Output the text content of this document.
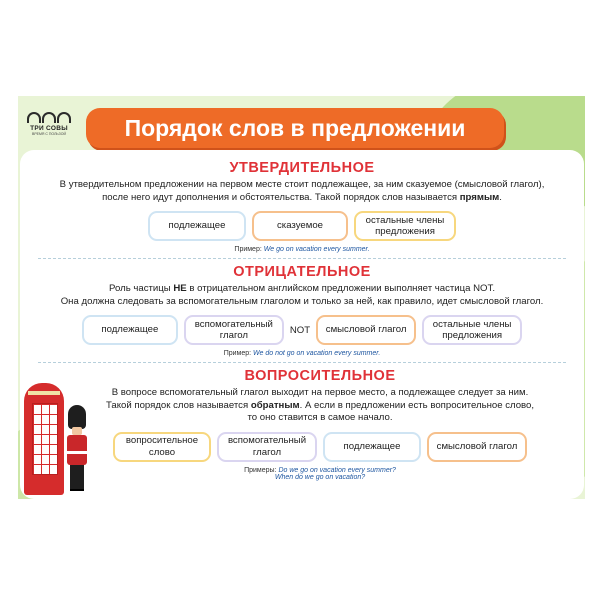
ТРИ СОВЫ
ВРЕМЯ С ПОЛЬЗОЙ	Порядок слов в предложении
УТВЕРДИТЕЛЬНОЕ
В утвердительном предложении на первом месте стоит подлежащее, за ним сказуемое (смысловой глагол),
после него идут дополнения и обстоятельства. Такой порядок слов называется прямым.
подлежащее	сказуемое
остальные члены предложения
Пример: We go on vacation every summer.
ОТРИЦАТЕЛЬНОЕ
Роль частицы НЕ в отрицательном английском предложении выполняет частица NOT.
Она должна следовать за вспомогательным глаголом и только за ней, как правило, идет смысловой глагол.
подлежащее
вспомогательный глагол	NOT	смысловой глагол
остальные члены предложения
Пример: We do not go on vacation every summer.
ВОПРОСИТЕЛЬНОЕ
В вопросе вспомогательный глагол выходит на первое место, а подлежащее следует за ним.
Такой порядок слов называется обратным. А если в предложении есть вопросительное слово,
то оно ставится в самое начало.
вопросительное слово
вспомогательный глагол
подлежащее	смысловой глагол
Примеры: Do we go on vacation every summer?
When do we go on vacation?
